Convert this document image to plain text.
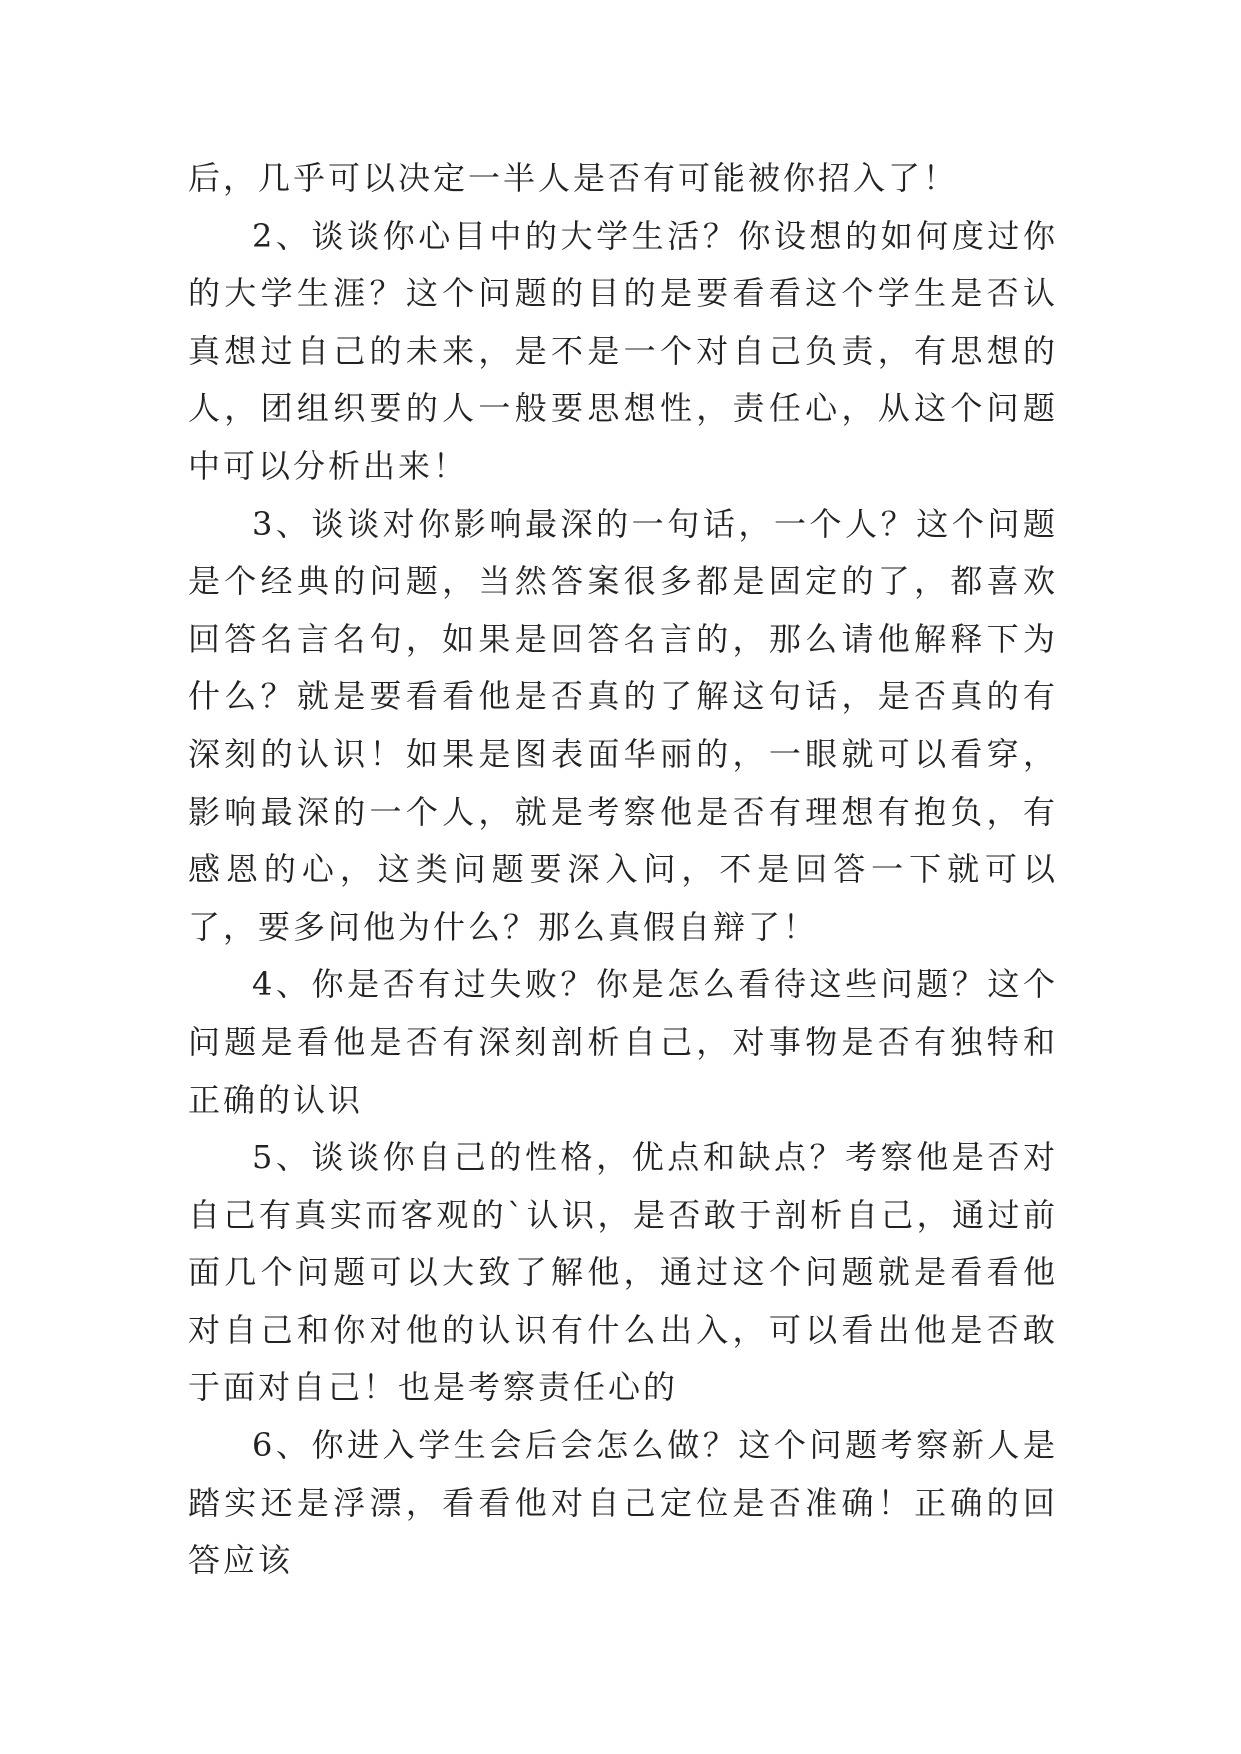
后，几乎可以决定一半人是否有可能被你招入了！

2、谈谈你心目中的大学生活？你设想的如何度过你的大学生涯？这个问题的目的是要看看这个学生是否认真想过自己的未来，是不是一个对自己负责，有思想的人，团组织要的人一般要思想性，责任心，从这个问题中可以分析出来！

3、谈谈对你影响最深的一句话，一个人？这个问题是个经典的问题，当然答案很多都是固定的了，都喜欢回答名言名句，如果是回答名言的，那么请他解释下为什么？就是要看看他是否真的了解这句话，是否真的有深刻的认识！如果是图表面华丽的，一眼就可以看穿， 影响最深的一个人，就是考察他是否有理想有抱负，有感恩的心，这类问题要深入问，不是回答一下就可以了，要多问他为什么？那么真假自辩了！

4、你是否有过失败？你是怎么看待这些问题？这个问题是看他是否有深刻剖析自己，对事物是否有独特和正确的认识

5、谈谈你自己的性格，优点和缺点？考察他是否对自己有真实而客观的`认识，是否敢于剖析自己，通过前面几个问题可以大致了解他，通过这个问题就是看看他对自己和你对他的认识有什么出入，可以看出他是否敢于面对自己！也是考察责任心的

6、你进入学生会后会怎么做？这个问题考察新人是踏实还是浮漂，看看他对自己定位是否准确！正确的回答应该
